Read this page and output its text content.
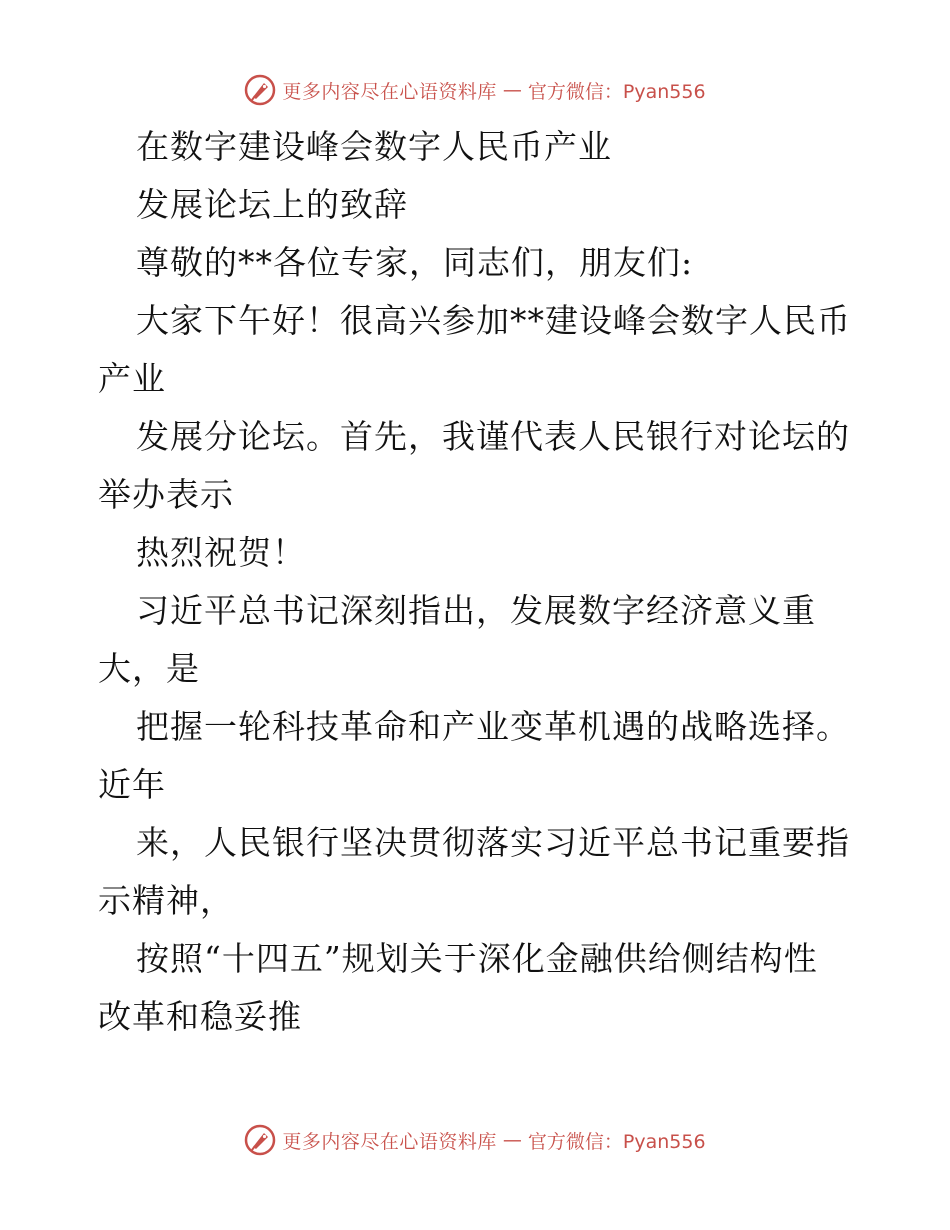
更多内容尽在心语资料库 — 官方微信：Pyan556
在数字建设峰会数字人民币产业
发展论坛上的致辞
尊敬的**各位专家，同志们，朋友们:
大家下午好！很高兴参加**建设峰会数字人民币
产业
发展分论坛。首先，我谨代表人民银行对论坛的
举办表示
热烈祝贺！
习近平总书记深刻指出，发展数字经济意义重
大，是
把握一轮科技革命和产业变革机遇的战略选择。
近年
来，人民银行坚决贯彻落实习近平总书记重要指
示精神，
按照“十四五”规划关于深化金融供给侧结构性
改革和稳妥推
更多内容尽在心语资料库 — 官方微信：Pyan556
